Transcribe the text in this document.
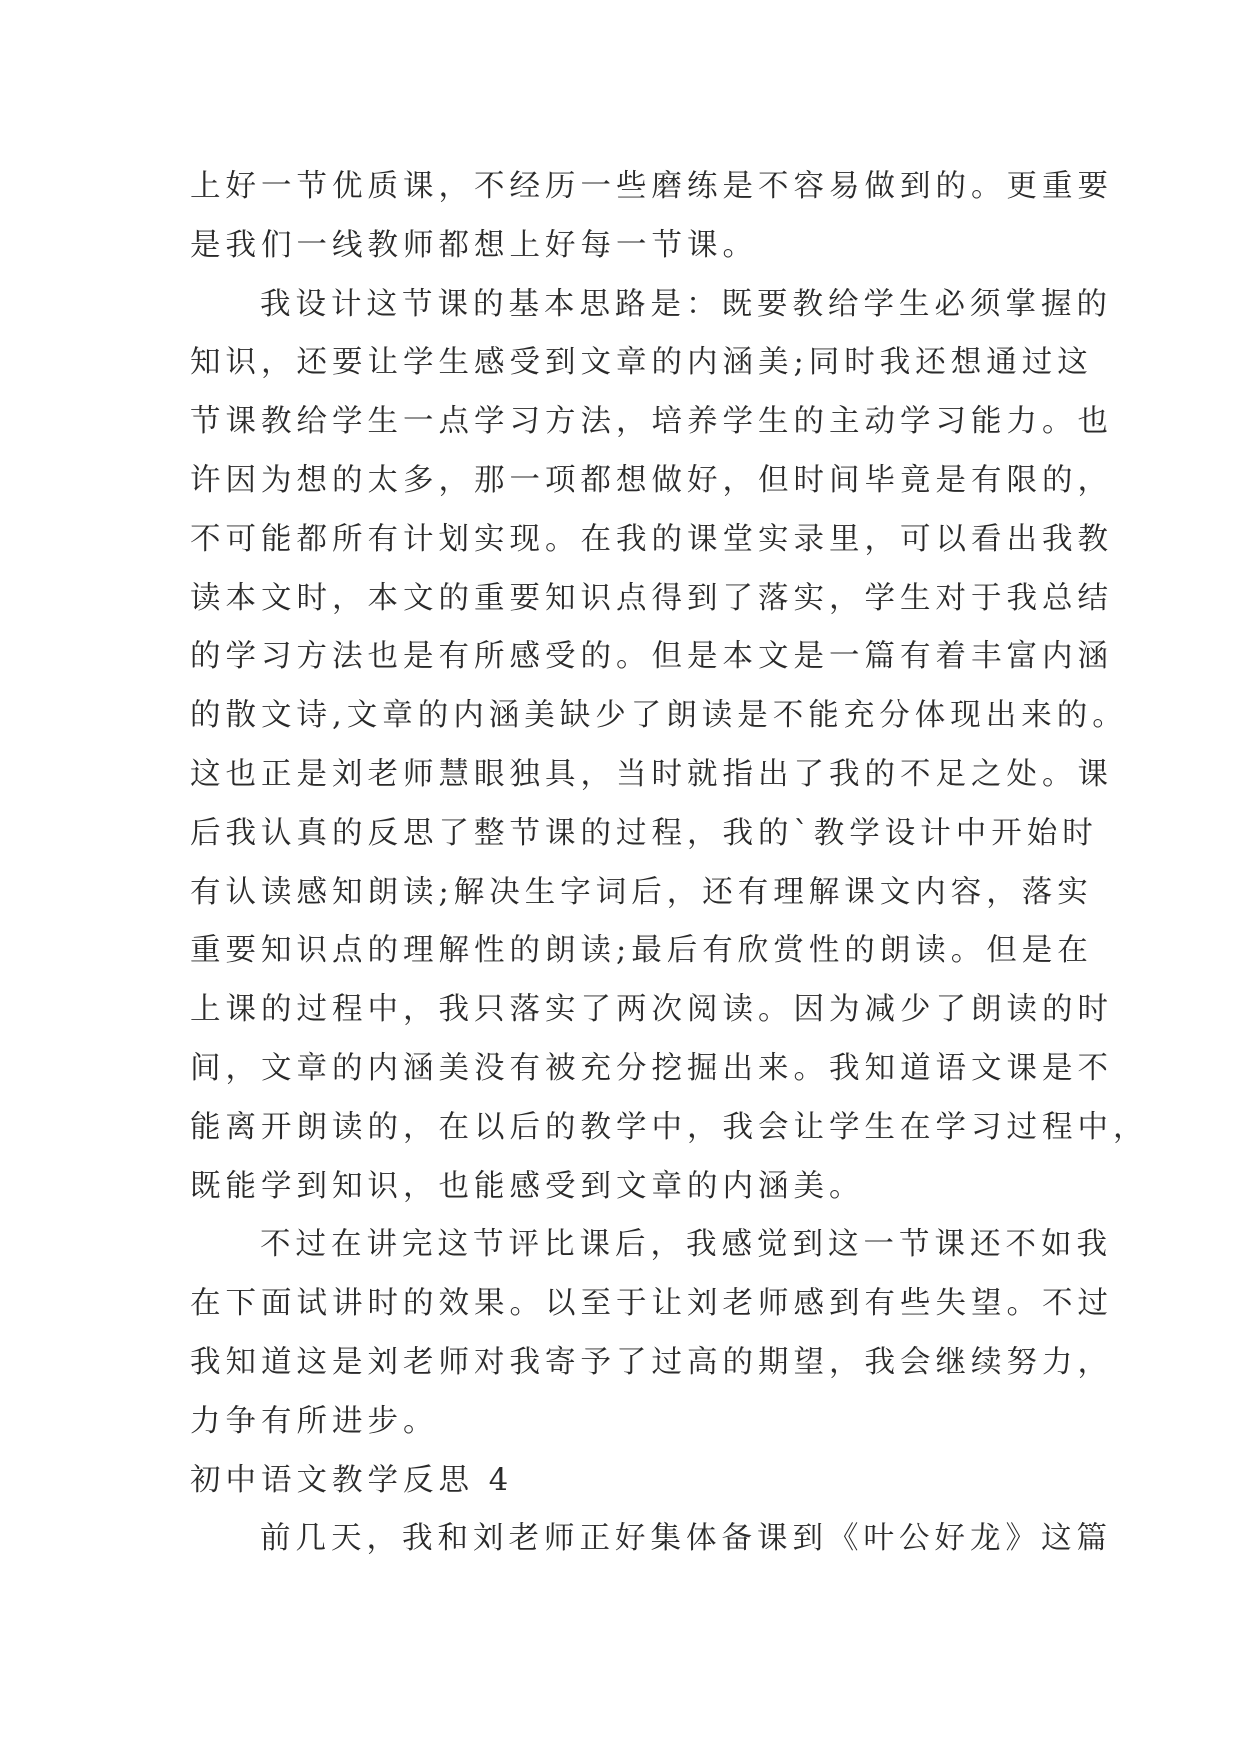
上好一节优质课，不经历一些磨练是不容易做到的。更重要
是我们一线教师都想上好每一节课。
我设计这节课的基本思路是：既要教给学生必须掌握的
知识，还要让学生感受到文章的内涵美;同时我还想通过这
节课教给学生一点学习方法，培养学生的主动学习能力。也
许因为想的太多，那一项都想做好，但时间毕竟是有限的，
不可能都所有计划实现。在我的课堂实录里，可以看出我教
读本文时，本文的重要知识点得到了落实，学生对于我总结
的学习方法也是有所感受的。但是本文是一篇有着丰富内涵
的散文诗,文章的内涵美缺少了朗读是不能充分体现出来的。
这也正是刘老师慧眼独具，当时就指出了我的不足之处。课
后我认真的反思了整节课的过程，我的`教学设计中开始时
有认读感知朗读;解决生字词后，还有理解课文内容，落实
重要知识点的理解性的朗读;最后有欣赏性的朗读。但是在
上课的过程中，我只落实了两次阅读。因为减少了朗读的时
间，文章的内涵美没有被充分挖掘出来。我知道语文课是不
能离开朗读的，在以后的教学中，我会让学生在学习过程中，
既能学到知识，也能感受到文章的内涵美。
不过在讲完这节评比课后，我感觉到这一节课还不如我
在下面试讲时的效果。以至于让刘老师感到有些失望。不过
我知道这是刘老师对我寄予了过高的期望，我会继续努力，
力争有所进步。
初中语文教学反思 4
前几天，我和刘老师正好集体备课到《叶公好龙》这篇
